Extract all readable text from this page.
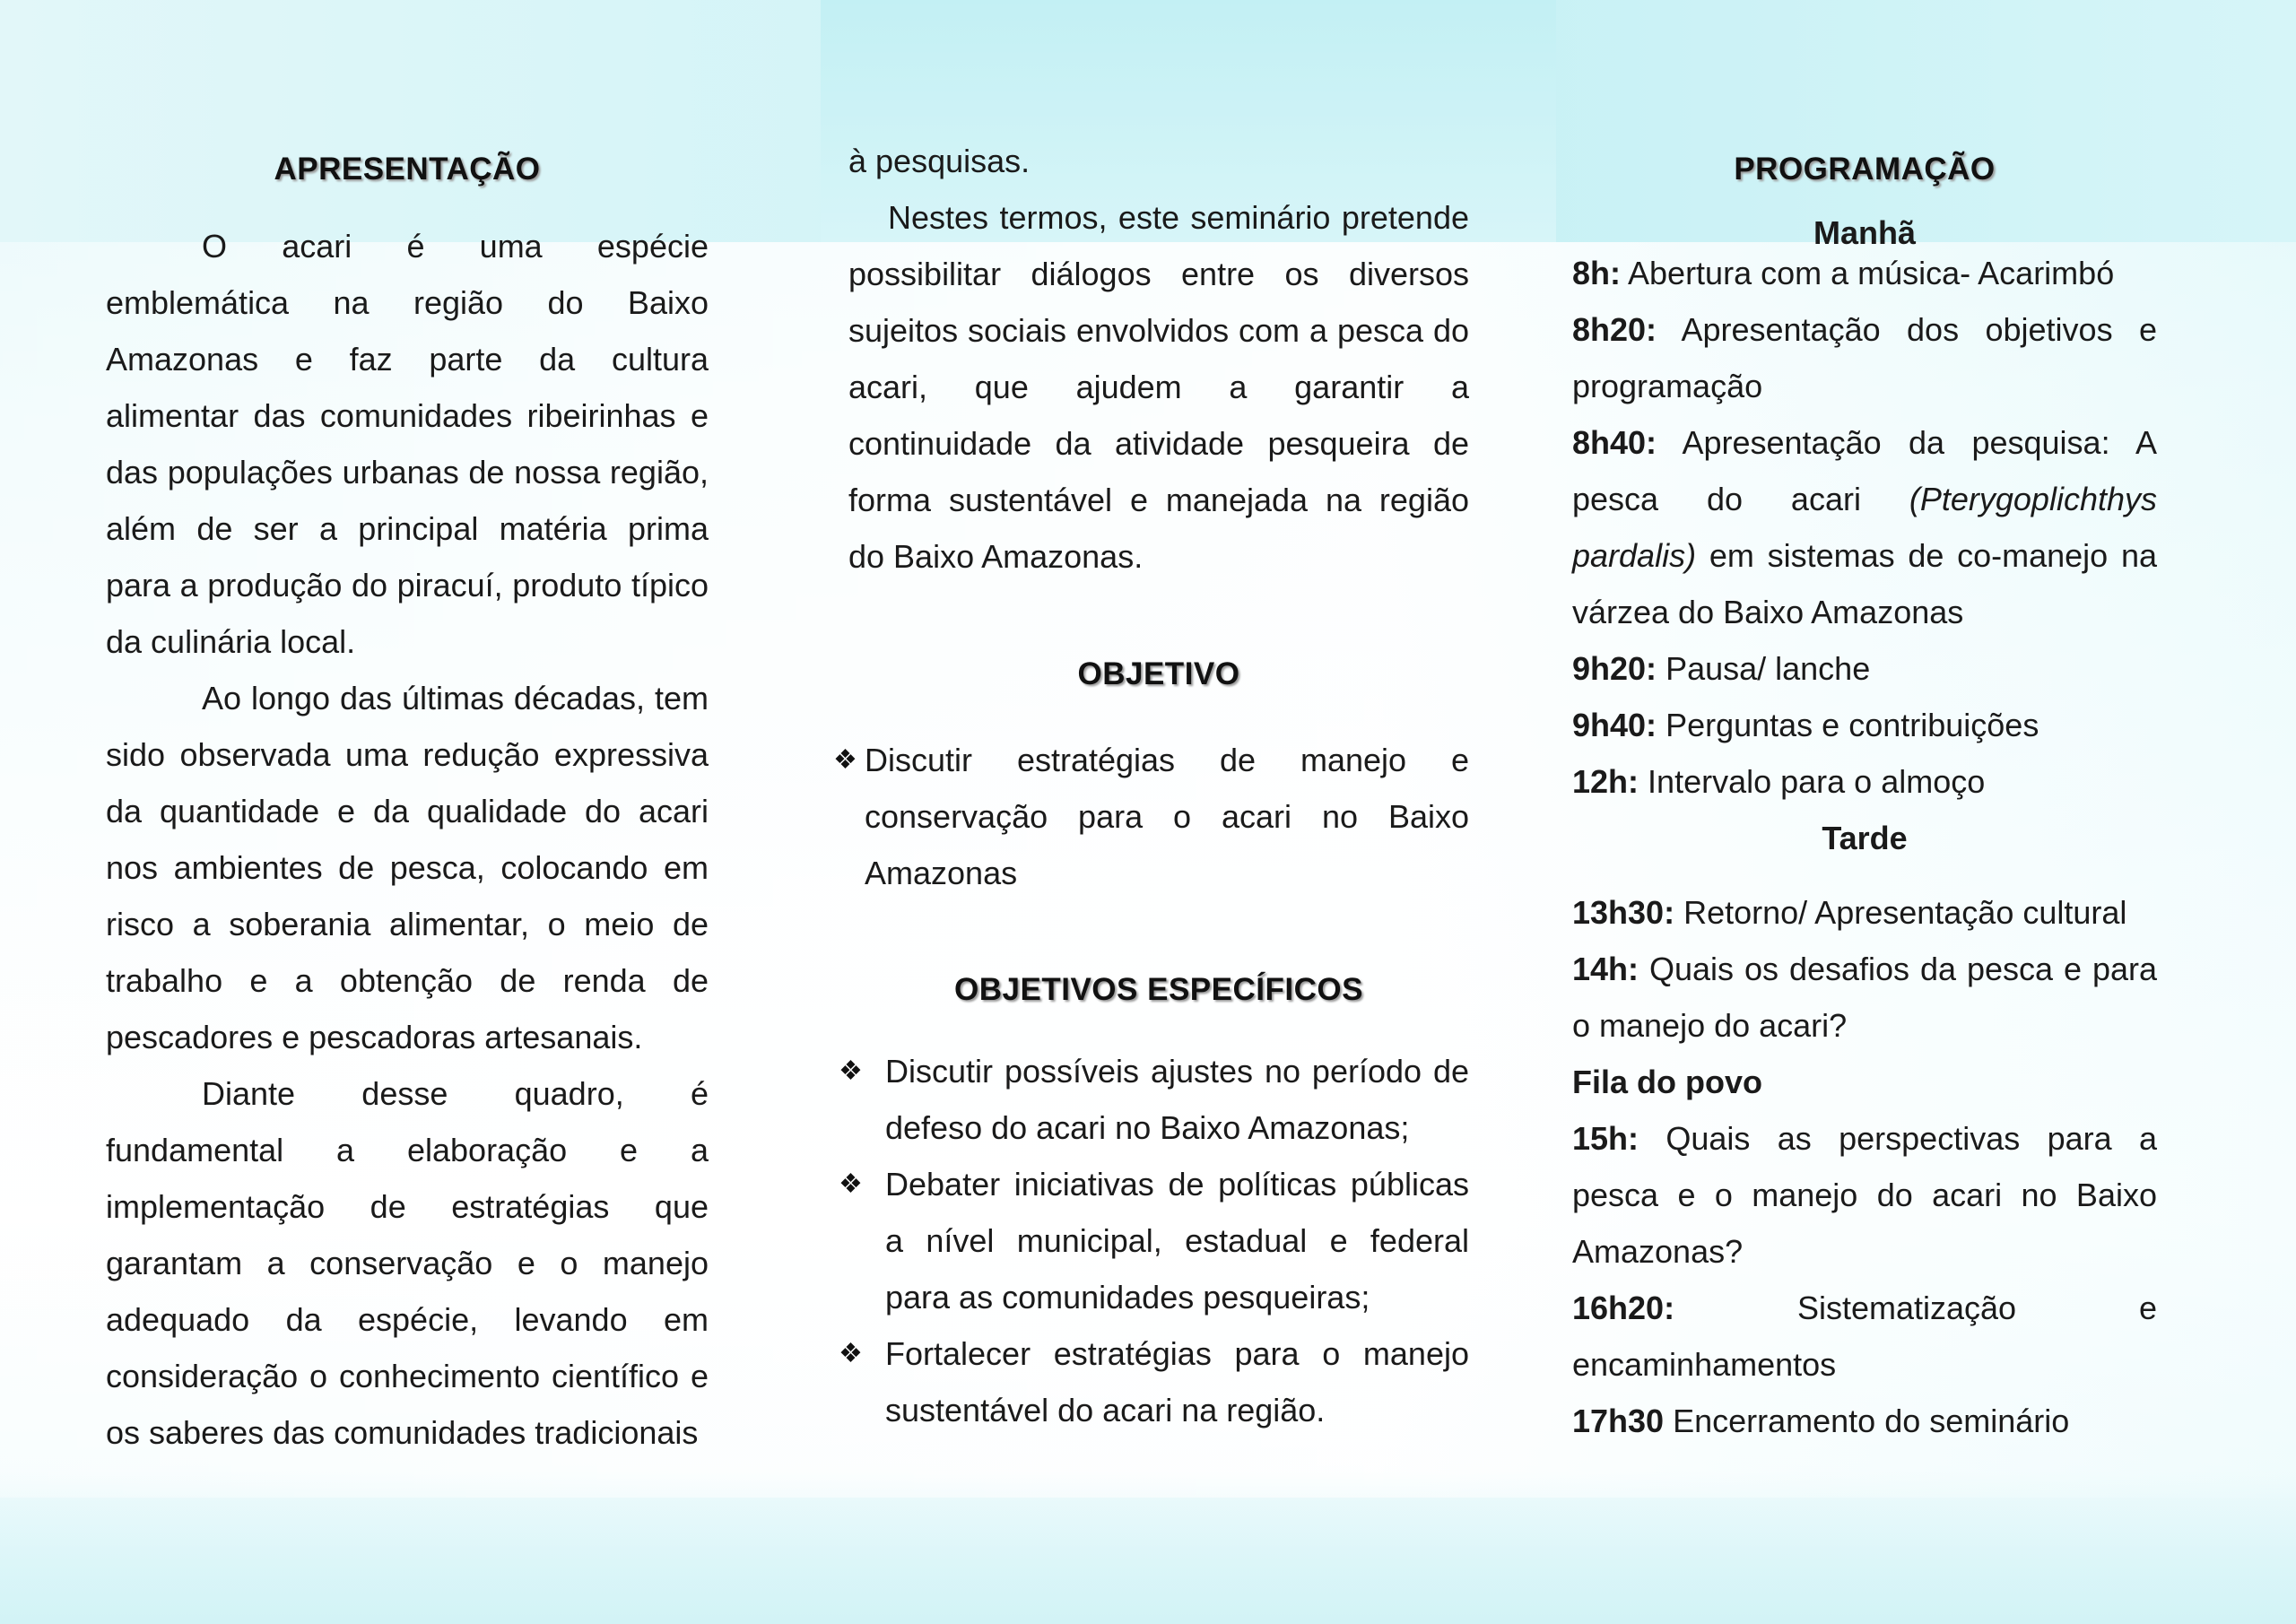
APRESENTAÇÃO

O acari é uma espécie emblemática na região do Baixo Amazonas e faz parte da cultura alimentar das comunidades ribeirinhas e das populações urbanas de nossa região, além de ser a principal matéria prima para a produção do piracuí, produto típico da culinária local.

Ao longo das últimas décadas, tem sido observada uma redução expressiva da quantidade e da qualidade do acari nos ambientes de pesca, colocando em risco a soberania alimentar, o meio de trabalho e a obtenção de renda de pescadores e pescadoras artesanais.

Diante desse quadro, é fundamental a elaboração e a implementação de estratégias que garantam a conservação e o manejo adequado da espécie, levando em consideração o conhecimento científico e os saberes das comunidades tradicionais

à pesquisas.

Nestes termos, este seminário pretende possibilitar diálogos entre os diversos sujeitos sociais envolvidos com a pesca do acari, que ajudem a garantir a continuidade da atividade pesqueira de forma sustentável e manejada na região do Baixo Amazonas.

OBJETIVO
❖ Discutir estratégias de manejo e conservação para o acari no Baixo Amazonas
OBJETIVOS ESPECÍFICOS
❖ Discutir possíveis ajustes no período de defeso do acari no Baixo Amazonas;
❖ Debater iniciativas de políticas públicas a nível municipal, estadual e federal para as comunidades pesqueiras;
❖ Fortalecer estratégias para o manejo sustentável do acari na região.
PROGRAMAÇÃO
Manhã

8h: Abertura com a música- Acarimbó

8h20: Apresentação dos objetivos e programação

8h40: Apresentação da pesquisa: A pesca do acari (Pterygoplichthys pardalis) em sistemas de co-manejo na várzea do Baixo Amazonas

9h20: Pausa/ lanche

9h40: Perguntas e contribuições

12h: Intervalo para o almoço

Tarde

13h30: Retorno/ Apresentação cultural

14h: Quais os desafios da pesca e para o manejo do acari?

Fila do povo

15h: Quais as perspectivas para a pesca e o manejo do acari no Baixo Amazonas?

16h20:	Sistematização e encaminhamentos

17h30 Encerramento do seminário
